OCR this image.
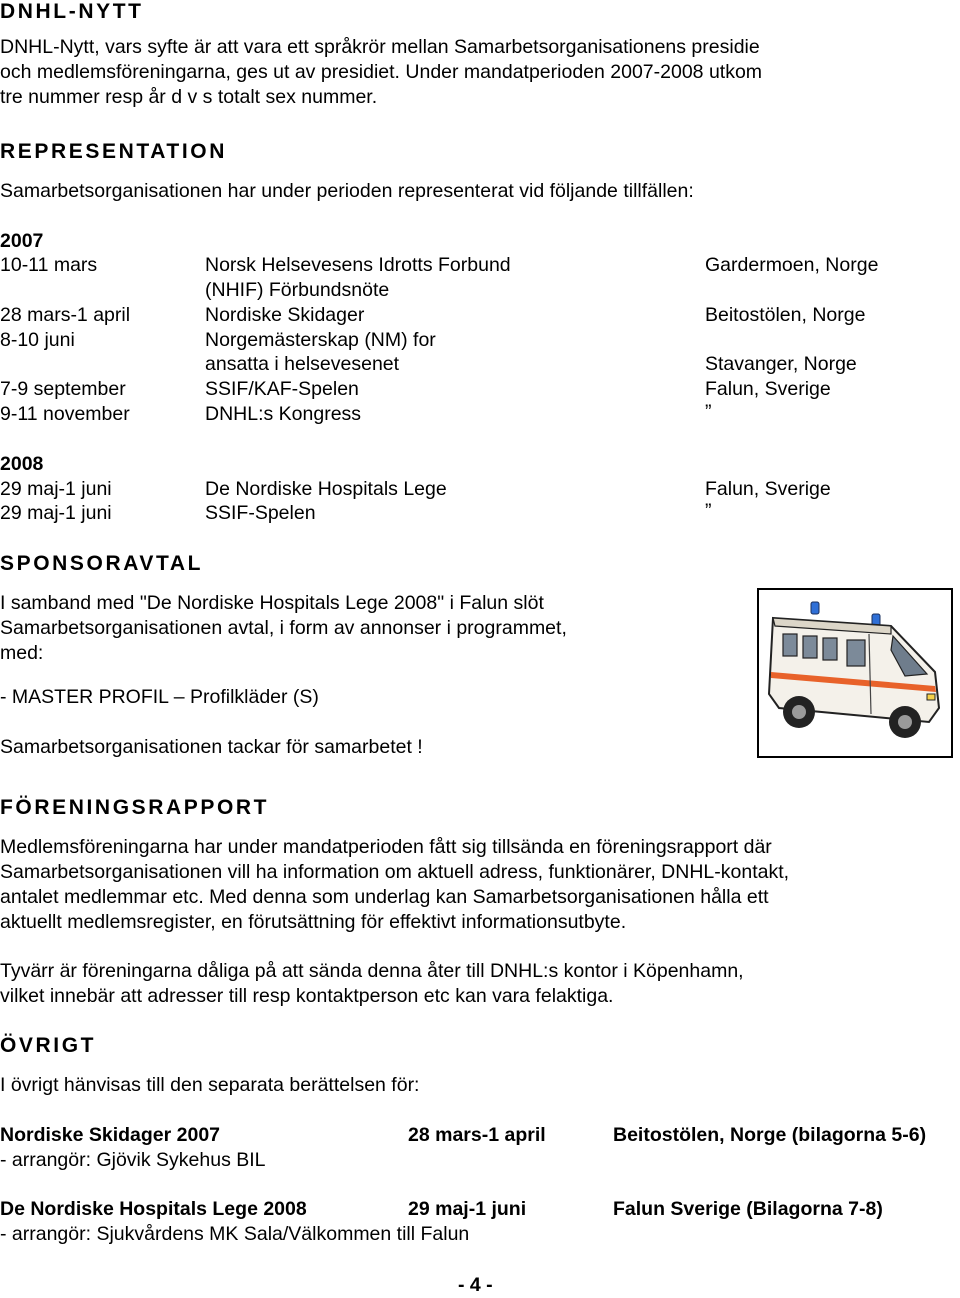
DNHL-NYTT
DNHL-Nytt, vars syfte är att vara ett språkrör mellan Samarbetsorganisationens presidie
och medlemsföreningarna, ges ut av presidiet. Under mandatperioden 2007-2008 utkom
tre nummer resp år d v s totalt sex nummer.
REPRESENTATION
Samarbetsorganisationen har under perioden representerat vid följande tillfällen:
2007
10-11 mars	Norsk Helsevesens Idrotts Forbund	Gardermoen, Norge
(NHIF) Förbundsnöte
28 mars-1 april	Nordiske Skidager	Beitostölen, Norge
8-10 juni	Norgemästerskap (NM) for
ansatta i helsevesenet	Stavanger, Norge
7-9 september	SSIF/KAF-Spelen	Falun, Sverige
9-11 november	DNHL:s Kongress	”
2008
29 maj-1 juni	De Nordiske Hospitals Lege	Falun, Sverige
29 maj-1 juni	SSIF-Spelen	”
SPONSORAVTAL
I samband med "De Nordiske Hospitals Lege 2008" i Falun slöt
Samarbetsorganisationen avtal, i form av annonser i programmet,
med:
- MASTER PROFIL – Profilkläder (S)
Samarbetsorganisationen tackar för samarbetet !
FÖRENINGSRAPPORT
Medlemsföreningarna har under mandatperioden fått sig tillsända en föreningsrapport där
Samarbetsorganisationen vill ha information om aktuell adress, funktionärer, DNHL-kontakt,
antalet medlemmar etc. Med denna som underlag kan Samarbetsorganisationen hålla ett
aktuellt medlemsregister, en förutsättning för effektivt informationsutbyte.
Tyvärr är föreningarna dåliga på att sända denna åter till DNHL:s kontor i Köpenhamn,
vilket innebär att adresser till resp kontaktperson etc kan vara felaktiga.
ÖVRIGT
I övrigt hänvisas till den separata berättelsen för:
Nordiske Skidager 2007	28 mars-1 april	Beitostölen, Norge (bilagorna 5-6)
- arrangör: Gjövik Sykehus BIL
De Nordiske Hospitals Lege 2008	29 maj-1 juni	Falun Sverige (Bilagorna 7-8)
- arrangör: Sjukvårdens MK Sala/Välkommen till Falun
- 4 -
